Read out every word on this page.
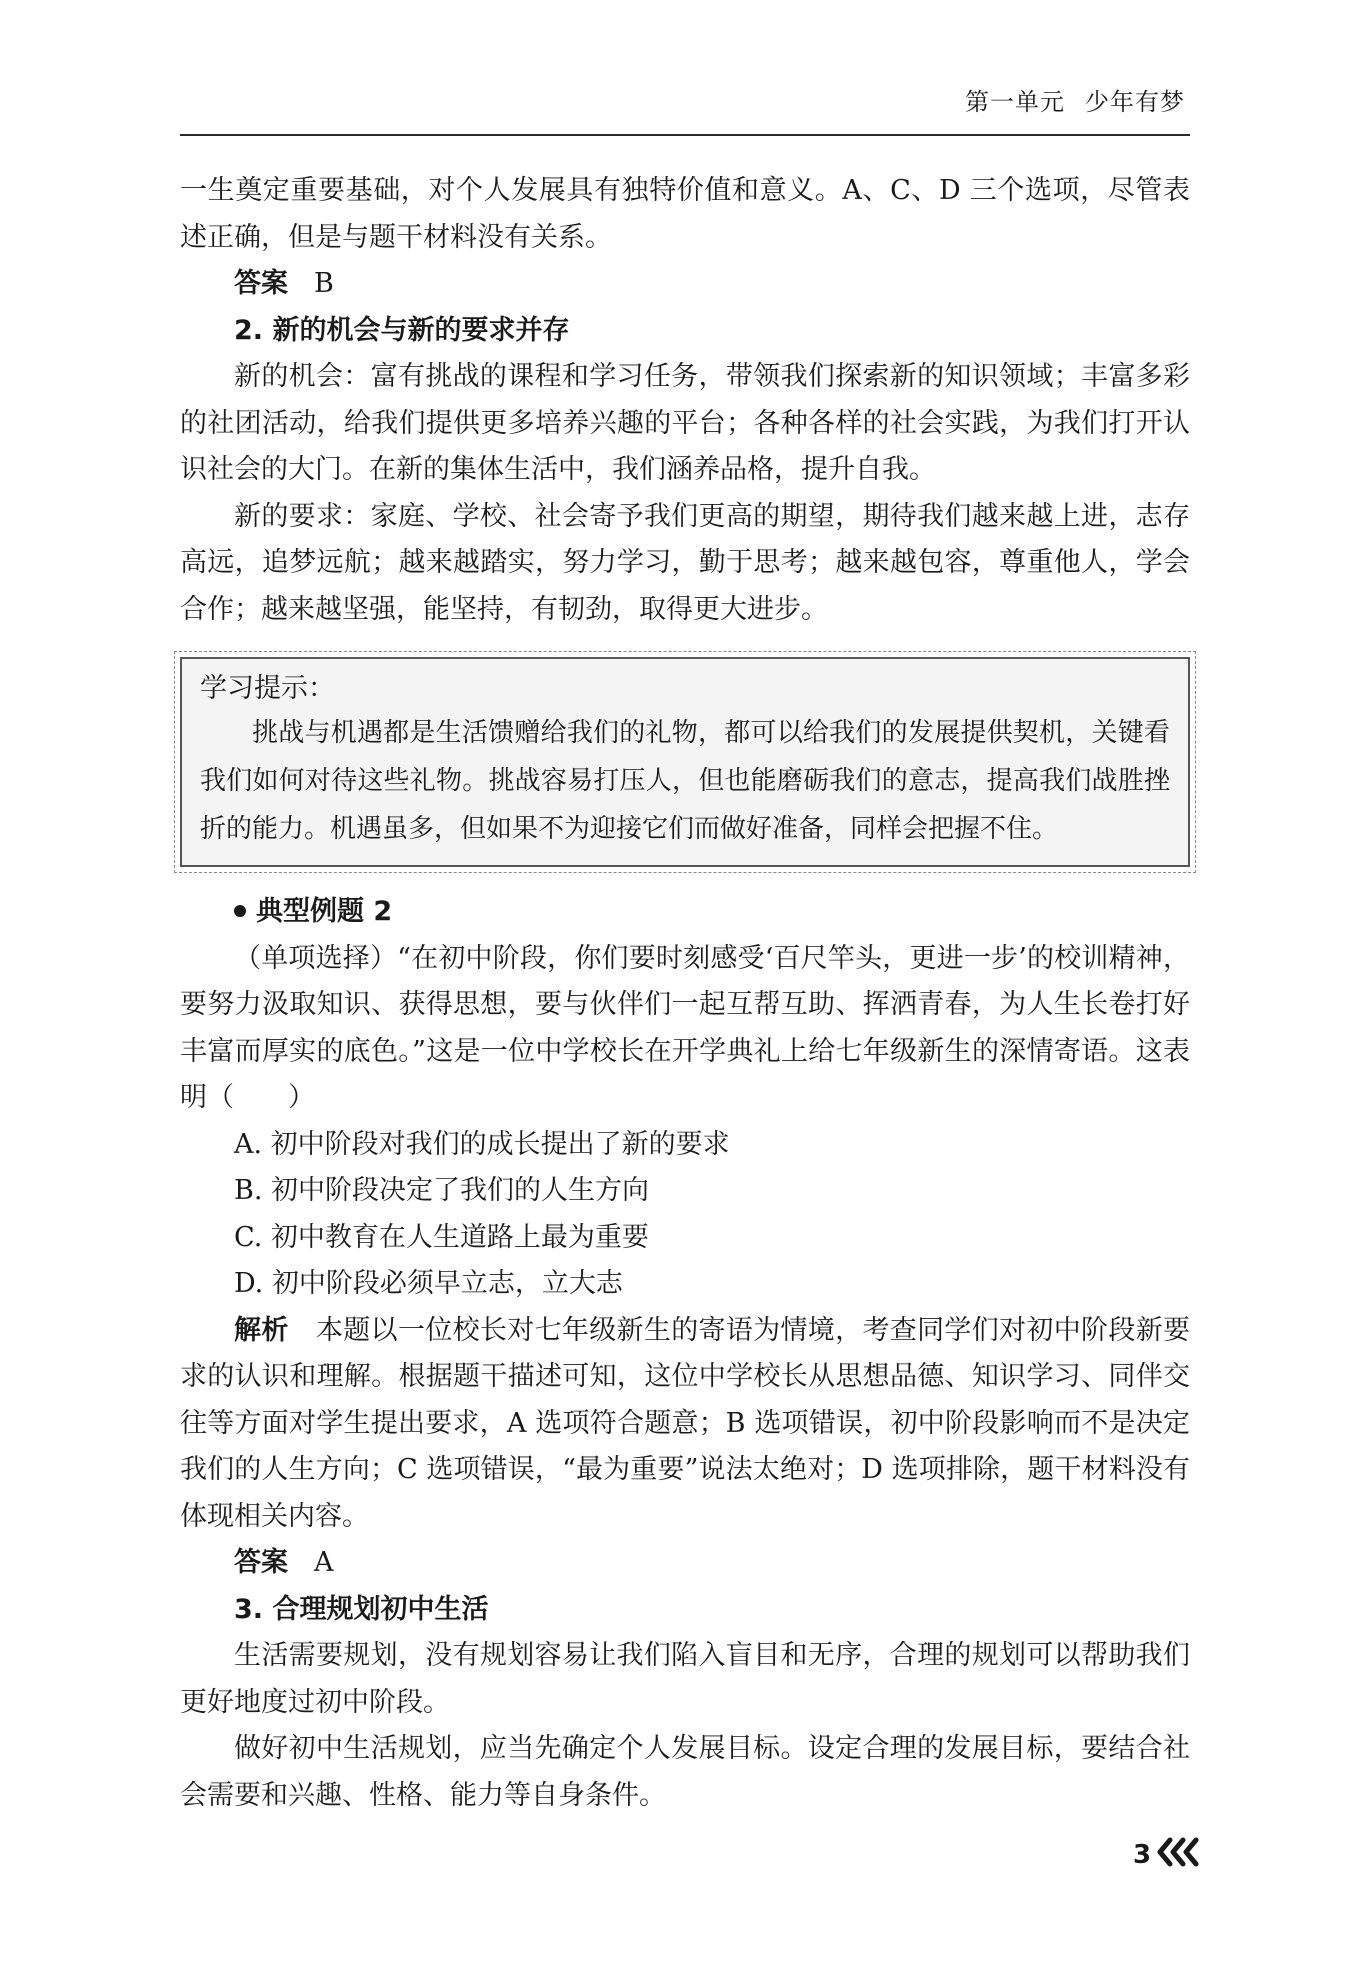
第一单元 少年有梦

一生奠定重要基础，对个人发展具有独特价值和意义。A、C、D 三个选项，尽管表述正确，但是与题干材料没有关系。

答案 B

2. 新的机会与新的要求并存

新的机会：富有挑战的课程和学习任务，带领我们探索新的知识领域；丰富多彩的社团活动，给我们提供更多培养兴趣的平台；各种各样的社会实践，为我们打开认识社会的大门。在新的集体生活中，我们涵养品格，提升自我。

新的要求：家庭、学校、社会寄予我们更高的期望，期待我们越来越上进，志存高远，追梦远航；越来越踏实，努力学习，勤于思考；越来越包容，尊重他人，学会合作；越来越坚强，能坚持，有韧劲，取得更大进步。

学习提示：

挑战与机遇都是生活馈赠给我们的礼物，都可以给我们的发展提供契机，关键看我们如何对待这些礼物。挑战容易打压人，但也能磨砺我们的意志，提高我们战胜挫折的能力。机遇虽多，但如果不为迎接它们而做好准备，同样会把握不住。

典型例题 2

（单项选择）“在初中阶段，你们要时刻感受‘百尺竿头，更进一步’的校训精神，要努力汲取知识、获得思想，要与伙伴们一起互帮互助、挥洒青春，为人生长卷打好丰富而厚实的底色。”这是一位中学校长在开学典礼上给七年级新生的深情寄语。这表明（　　）

A. 初中阶段对我们的成长提出了新的要求

B. 初中阶段决定了我们的人生方向

C. 初中教育在人生道路上最为重要

D. 初中阶段必须早立志，立大志

解析　 本题以一位校长对七年级新生的寄语为情境，考查同学们对初中阶段新要求的认识和理解。根据题干描述可知，这位中学校长从思想品德、知识学习、同伴交往等方面对学生提出要求，A 选项符合题意；B 选项错误，初中阶段影响而不是决定我们的人生方向；C 选项错误，“最为重要”说法太绝对；D 选项排除，题干材料没有体现相关内容。

答案 A

3. 合理规划初中生活

生活需要规划，没有规划容易让我们陷入盲目和无序，合理的规划可以帮助我们更好地度过初中阶段。

做好初中生活规划，应当先确定个人发展目标。设定合理的发展目标，要结合社会需要和兴趣、性格、能力等自身条件。

3
